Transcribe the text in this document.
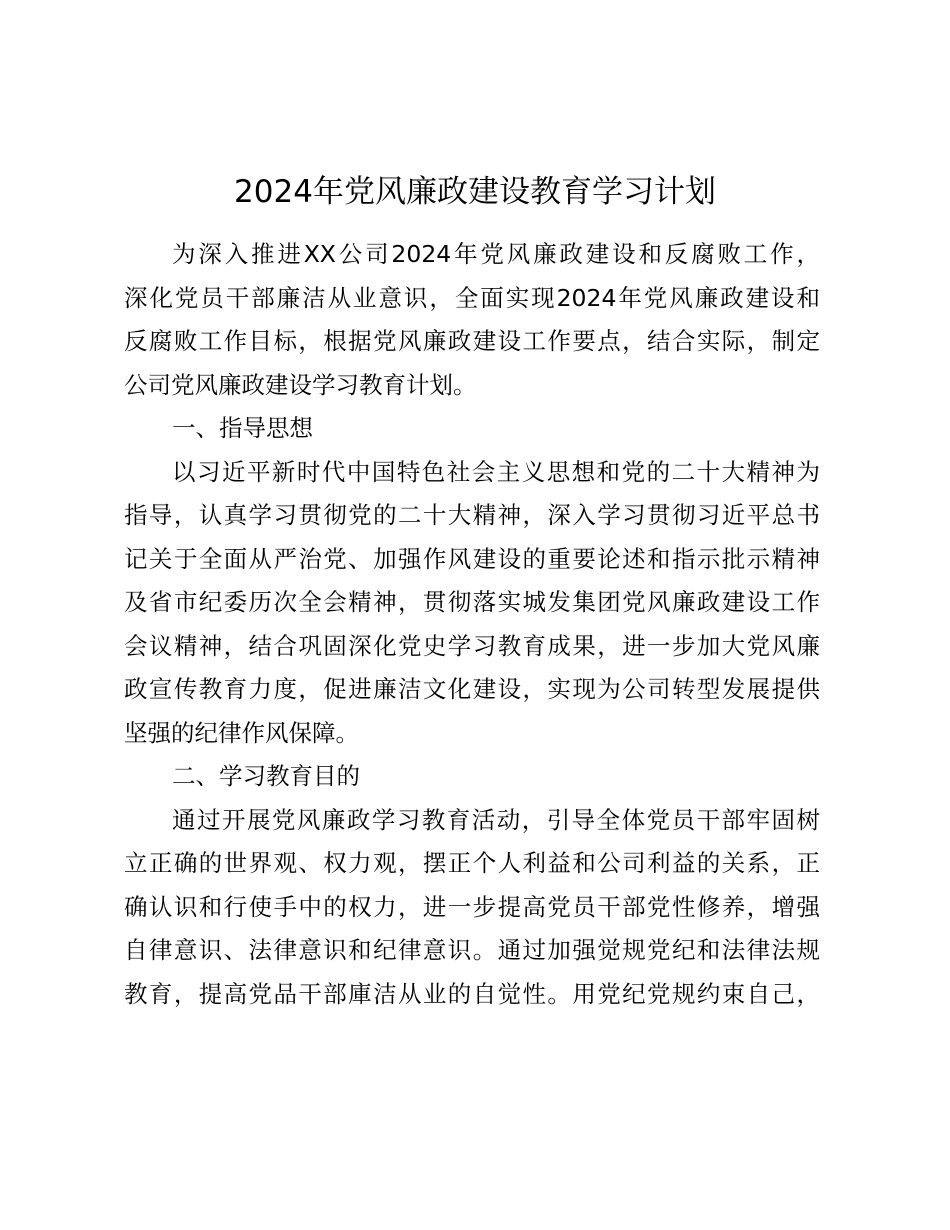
2024年党风廉政建设教育学习计划
为深入推进XX公司2024年党风廉政建设和反腐败工作，
深化党员干部廉洁从业意识，全面实现2024年党风廉政建设和
反腐败工作目标，根据党风廉政建设工作要点，结合实际，制定
公司党风廉政建设学习教育计划。
一、指导思想
以习近平新时代中国特色社会主义思想和党的二十大精神为
指导，认真学习贯彻党的二十大精神，深入学习贯彻习近平总书
记关于全面从严治党、加强作风建设的重要论述和指示批示精神
及省市纪委历次全会精神，贯彻落实城发集团党风廉政建设工作
会议精神，结合巩固深化党史学习教育成果，进一步加大党风廉
政宣传教育力度，促进廉洁文化建设，实现为公司转型发展提供
坚强的纪律作风保障。
二、学习教育目的
通过开展党风廉政学习教育活动，引导全体党员干部牢固树
立正确的世界观、权力观，摆正个人利益和公司利益的关系，正
确认识和行使手中的权力，进一步提高党员干部党性修养，增强
自律意识、法律意识和纪律意识。通过加强觉规党纪和法律法规
教育，提高党品干部庫洁从业的自觉性。用党纪党规约束自己，
